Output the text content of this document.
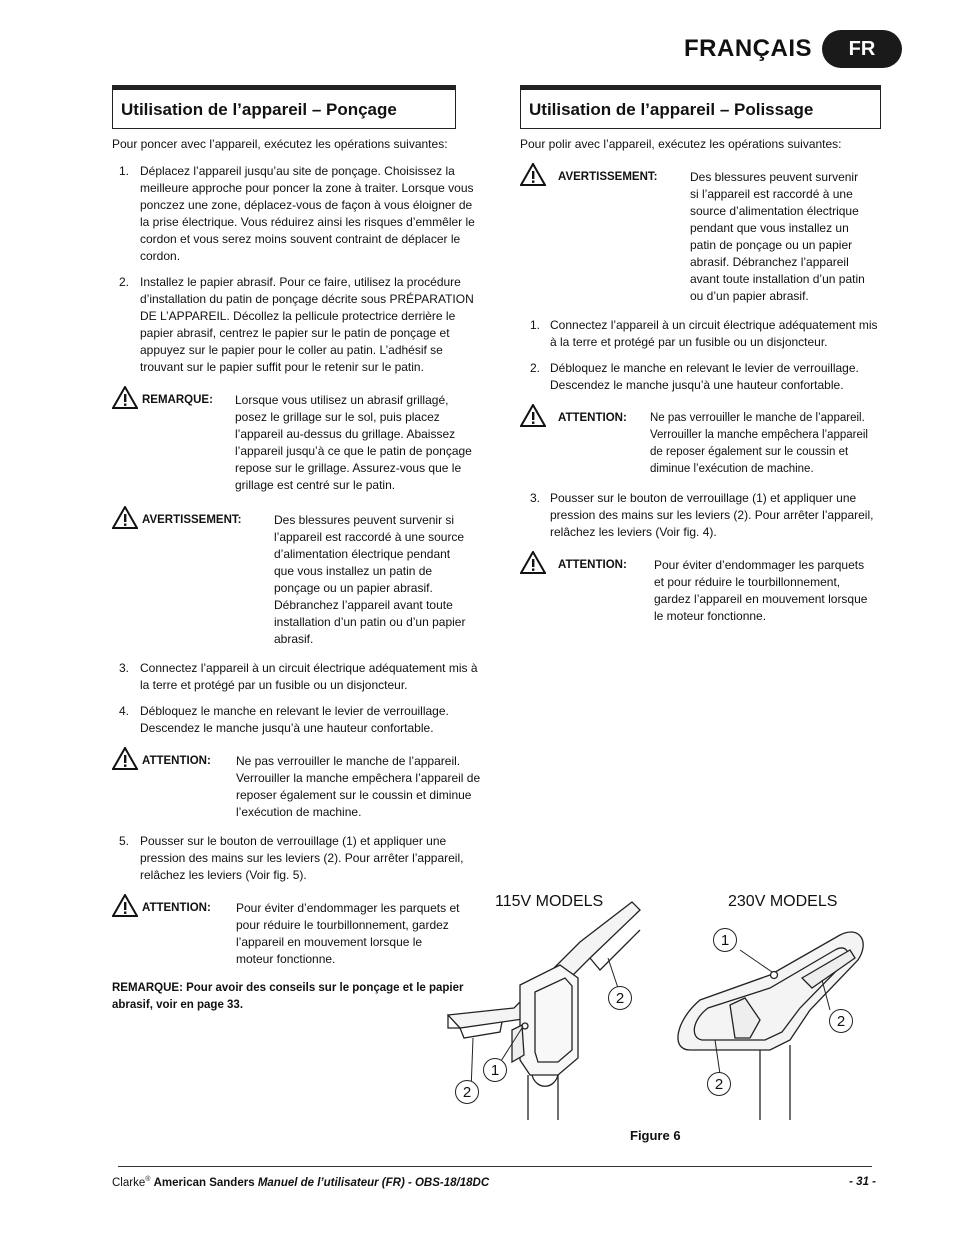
FRANÇAIS	FR
Utilisation de l’appareil – Ponçage
Pour poncer avec l’appareil, exécutez les opérations suivantes:
1. Déplacez l’appareil jusqu’au site de ponçage. Choisissez la meilleure approche pour poncer la zone à traiter. Lorsque vous ponczez une zone, déplacez-vous de façon à vous éloigner de la prise électrique. Vous réduirez ainsi les risques d’emmêler le cordon et vous serez moins souvent contraint de déplacer le cordon.
2. Installez le papier abrasif. Pour ce faire, utilisez la procédure d’installation du patin de ponçage décrite sous PRÉPARATION DE L’APPAREIL. Décollez la pellicule protectrice derrière le papier abrasif, centrez le papier sur le patin de ponçage et appuyez sur le papier pour le coller au patin. L’adhésif se trouvant sur le papier suffit pour le retenir sur le patin.
REMARQUE:	Lorsque vous utilisez un abrasif grillagé, posez le grillage sur le sol, puis placez l’appareil au-dessus du grillage. Abaissez l’appareil jusqu’à ce que le patin de ponçage repose sur le grillage. Assurez-vous que le grillage est centré sur le patin.
AVERTISSEMENT:	Des blessures peuvent survenir si l’appareil est raccordé à une source d’alimentation électrique pendant que vous installez un patin de ponçage ou un papier abrasif. Débranchez l’appareil avant toute installation d’un patin ou d’un papier abrasif.
3. Connectez l’appareil à un circuit électrique adéquatement mis à la terre et protégé par un fusible ou un disjoncteur.
4. Débloquez le manche en relevant le levier de verrouillage. Descendez le manche jusqu’à une hauteur confortable.
ATTENTION:	Ne pas verrouiller le manche de l’appareil. Verrouiller la manche empêchera l’appareil de reposer également sur le coussin et diminue l’exécution de machine.
5. Pousser sur le bouton de verrouillage (1) et appliquer une pression des mains sur les leviers (2). Pour arrêter l’appareil, relâchez les leviers (Voir fig. 5).
ATTENTION:	Pour éviter d’endommager les parquets et pour réduire le tourbillonnement, gardez l’appareil en mouvement lorsque le moteur fonctionne.
REMARQUE: Pour avoir des conseils sur le ponçage et le papier abrasif, voir en page 33.
Utilisation de l’appareil – Polissage
Pour polir avec l’appareil, exécutez les opérations suivantes:
AVERTISSEMENT:	Des blessures peuvent survenir si l’appareil est raccordé à une source d’alimentation électrique pendant que vous installez un patin de ponçage ou un papier abrasif. Débranchez l’appareil avant toute installation d’un patin ou d’un papier abrasif.
1. Connectez l’appareil à un circuit électrique adéquatement mis à la terre et protégé par un fusible ou un disjoncteur.
2. Débloquez le manche en relevant le levier de verrouillage. Descendez le manche jusqu’à une hauteur confortable.
ATTENTION:	Ne pas verrouiller le manche de l’appareil. Verrouiller la manche empêchera l’appareil de reposer également sur le coussin et diminue l’exécution de machine.
3. Pousser sur le bouton de verrouillage (1) et appliquer une pression des mains sur les leviers (2). Pour arrêter l’appareil, relâchez les leviers (Voir fig. 4).
ATTENTION:	Pour éviter d’endommager les parquets et pour réduire le tourbillonnement, gardez l’appareil en mouvement lorsque le moteur fonctionne.
115V MODELS	230V MODELS
2
1
2
1
2
2
Figure 6
Clarke® American Sanders Manuel de l’utilisateur (FR) - OBS-18/18DC	- 31 -
